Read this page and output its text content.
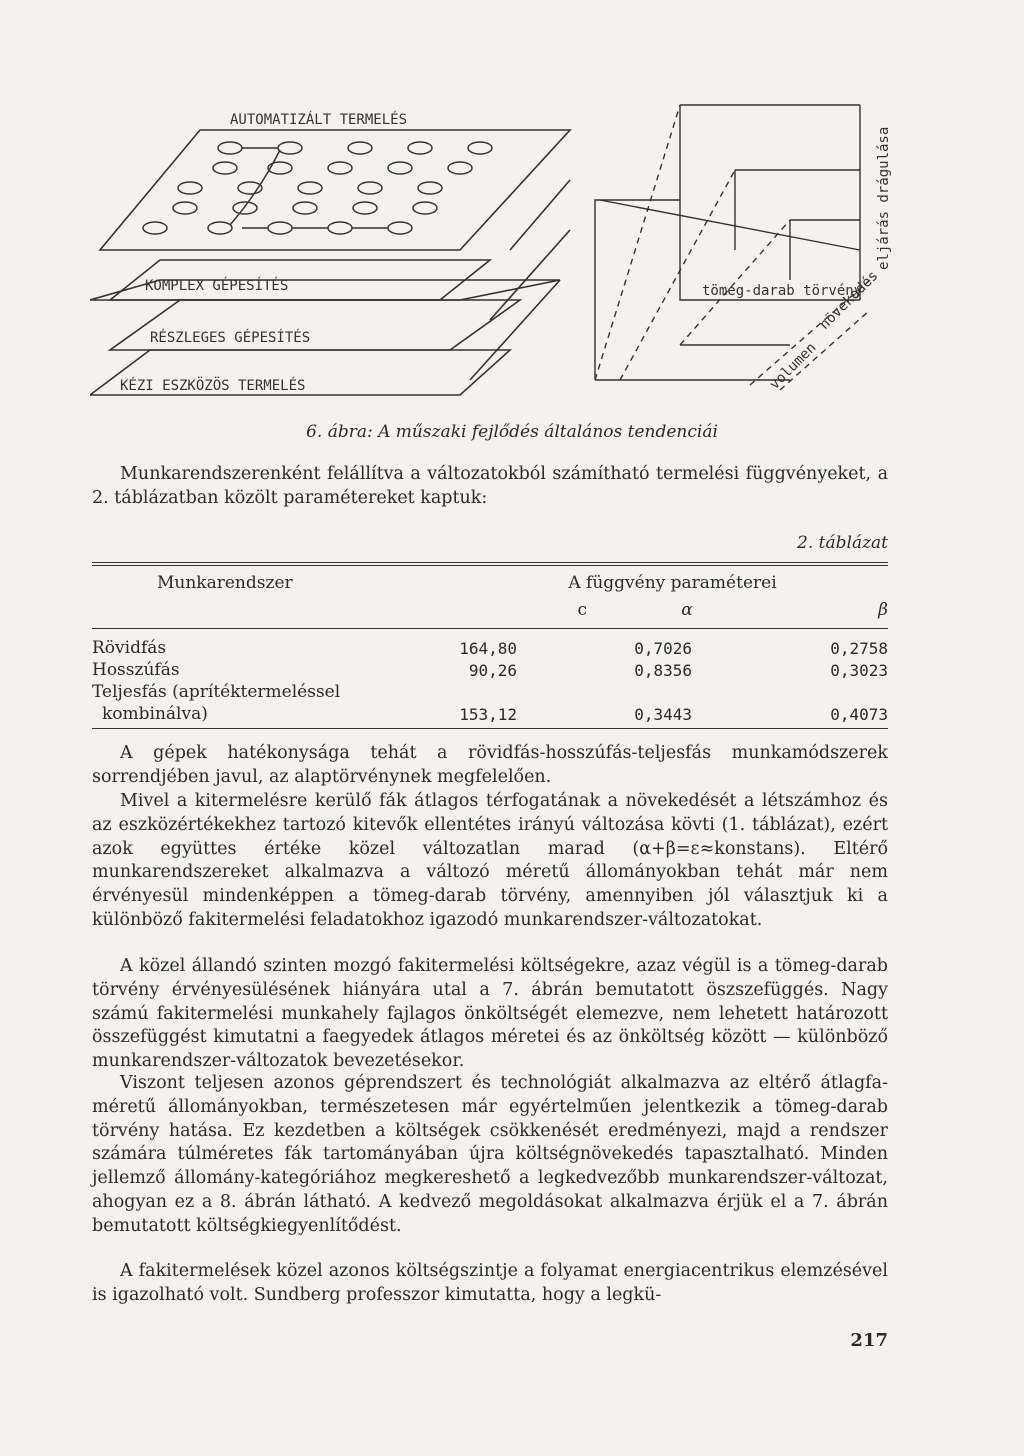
AUTOMATIZÁLT TERMELÉS
KOMPLEX GÉPESÍTÉS
RÉSZLEGES GÉPESÍTÉS
KÉZI ESZKÖZÖS TERMELÉS
eljárás drágulása
tömeg-darab törvény
volumen
növekedés
6. ábra: A műszaki fejlődés általános tendenciái

Munkarendszerenként felállítva a változatokból számítható termelési függvényeket, a 2. táblázatban közölt paramétereket kaptuk:

2. táblázat
Munkarendszer	A függvény paraméterei		
	c	α	β
Rövidfás	164,80	0,7026	0,2758
Hosszúfás	90,26	0,8356	0,3023
Teljesfás (aprítéktermeléssel			
kombinálva)	153,12	0,3443	0,4073

A gépek hatékonysága tehát a rövidfás-hosszúfás-teljesfás munkamódszerek sorrendjében javul, az alaptörvénynek megfelelően.

Mivel a kitermelésre kerülő fák átlagos térfogatának a növekedését a létszámhoz és az eszközértékekhez tartozó kitevők ellentétes irányú változása kövti (1. táblázat), ezért azok együttes értéke közel változatlan marad (α+β=ε≈konstans). Eltérő munkarendszereket alkalmazva a változó méretű állományokban tehát már nem érvényesül mindenképpen a tömeg-darab törvény, amennyiben jól választjuk ki a különböző fakitermelési feladatokhoz igazodó munkarendszer-változatokat.

A közel állandó szinten mozgó fakitermelési költségekre, azaz végül is a tömeg-darab törvény érvényesülésének hiányára utal a 7. ábrán bemutatott öszszefüggés. Nagy számú fakitermelési munkahely fajlagos önköltségét elemezve, nem lehetett határozott összefüggést kimutatni a faegyedek átlagos méretei és az önköltség között — különböző munkarendszer-változatok bevezetésekor.

Viszont teljesen azonos géprendszert és technológiát alkalmazva az eltérő átlagfa-méretű állományokban, természetesen már egyértelműen jelentkezik a tömeg-darab törvény hatása. Ez kezdetben a költségek csökkenését eredményezi, majd a rendszer számára túlméretes fák tartományában újra költségnövekedés tapasztalható. Minden jellemző állomány-kategóriához megkereshető a legkedvezőbb munkarendszer-változat, ahogyan ez a 8. ábrán látható. A kedvező megoldásokat alkalmazva érjük el a 7. ábrán bemutatott költségkiegyenlítődést.

A fakitermelések közel azonos költségszintje a folyamat energiacentrikus elemzésével is igazolható volt. Sundberg professzor kimutatta, hogy a legkü-

217
